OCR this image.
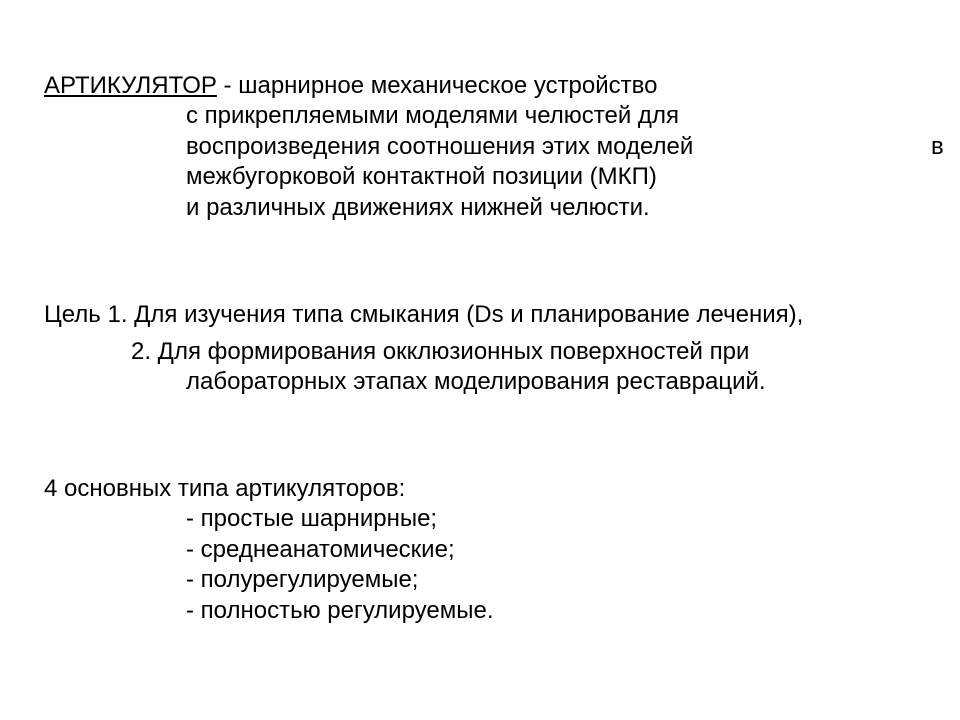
АРТИКУЛЯТОР - шарнирное механическое устройство
с прикрепляемыми моделями челюстей для
воспроизведения соотношения этих моделей	в
межбугорковой контактной позиции (МКП)
и различных движениях нижней челюсти.
Цель 1. Для изучения типа смыкания (Ds и планирование лечения),
2. Для формирования окклюзионных поверхностей при
лабораторных этапах моделирования реставраций.
4 основных типа артикуляторов:
- простые шарнирные;
- среднеанатомические;
- полурегулируемые;
- полностью регулируемые.
